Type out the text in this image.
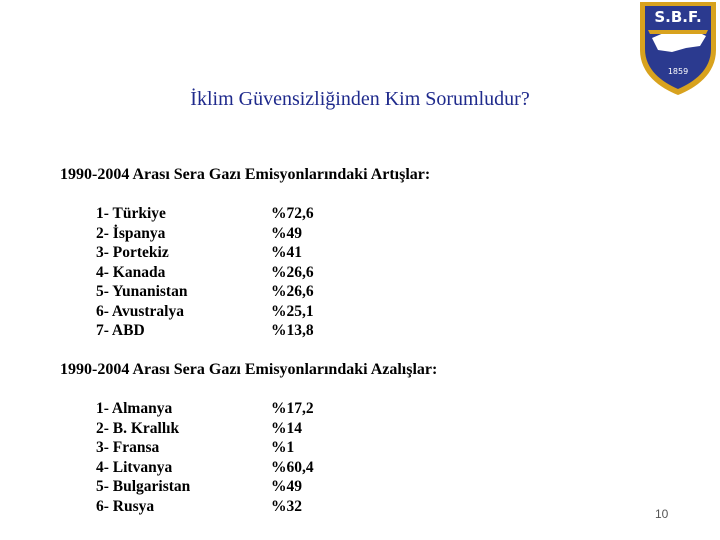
S.B.F.
1859
İklim Güvensizliğinden Kim Sorumludur?
1990-2004 Arası Sera Gazı Emisyonlarındaki Artışlar:
1- Türkiye	%72,6
2- İspanya	%49
3- Portekiz	%41
4- Kanada	%26,6
5- Yunanistan	%26,6
6- Avustralya	%25,1
7- ABD	%13,8
1990-2004 Arası Sera Gazı Emisyonlarındaki Azalışlar:
1- Almanya	%17,2
2- B. Krallık	%14
3- Fransa	%1
4- Litvanya	%60,4
5- Bulgaristan	%49
6- Rusya	%32	10
